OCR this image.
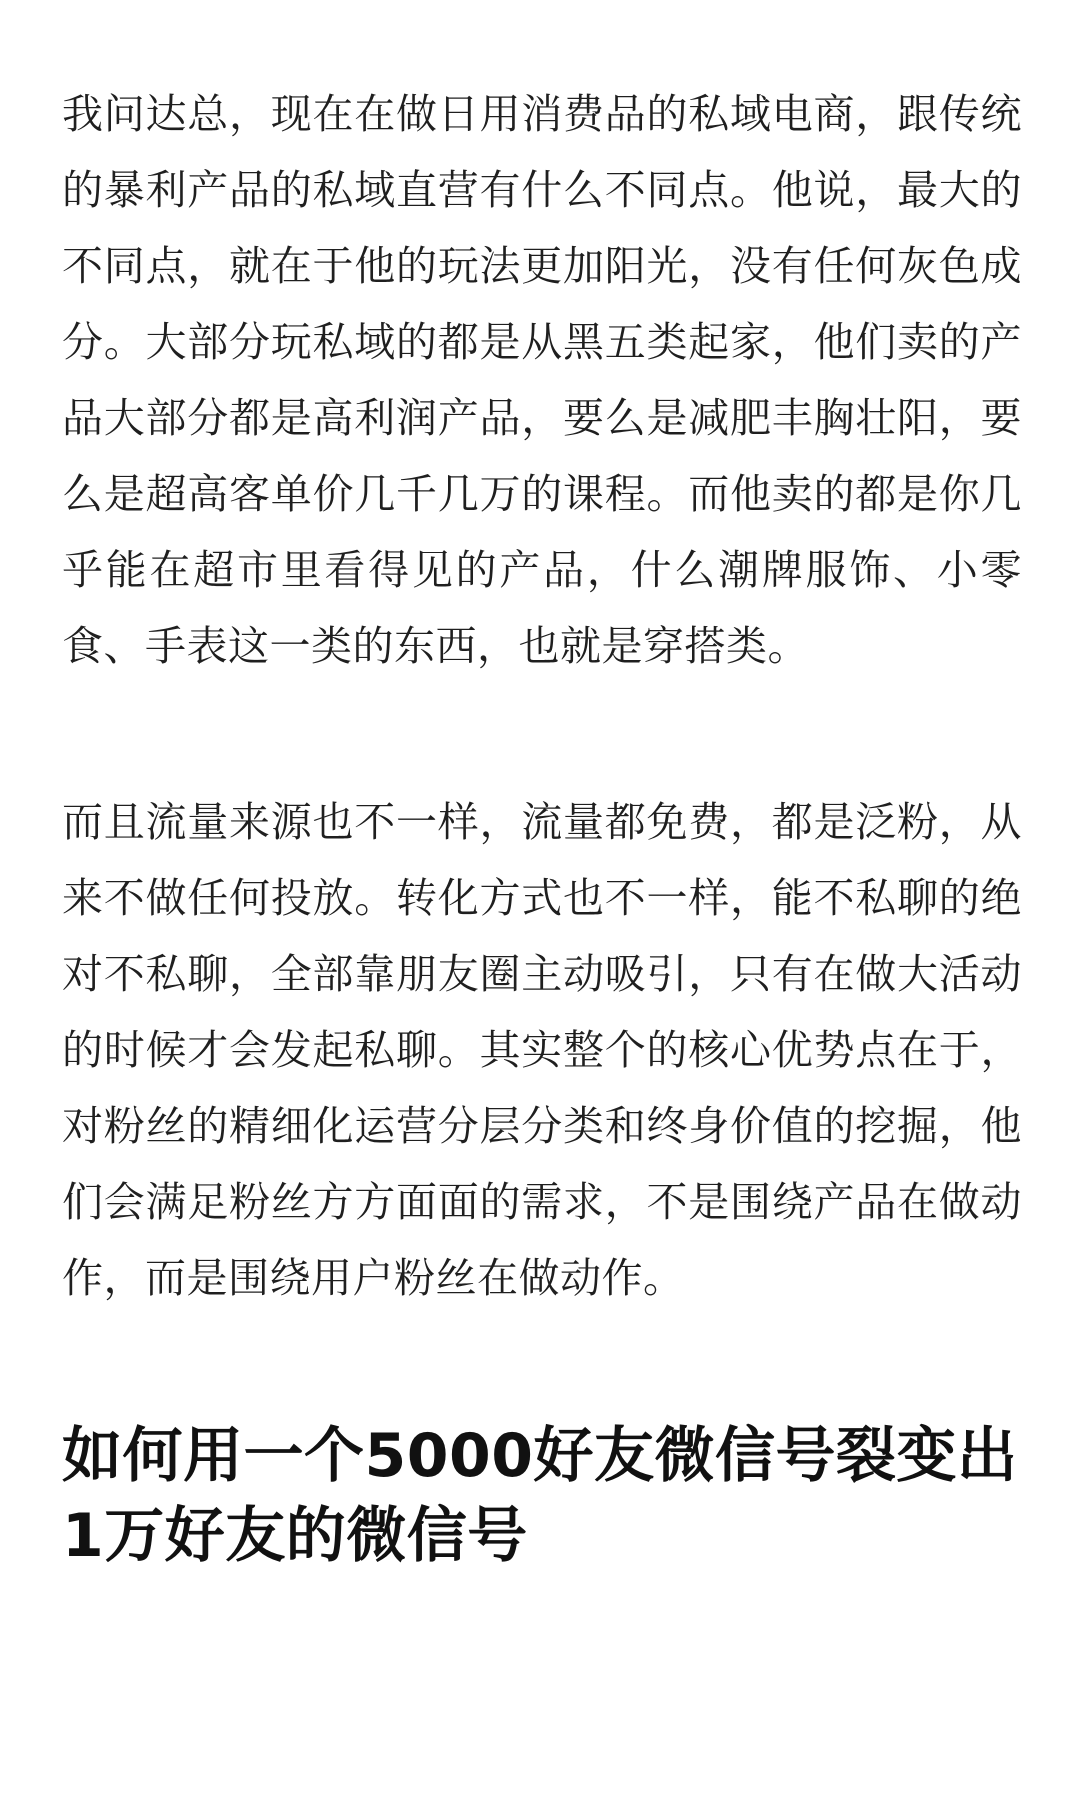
我问达总，现在在做日用消费品的私域电商，跟传统的暴利产品的私域直营有什么不同点。他说，最大的不同点，就在于他的玩法更加阳光，没有任何灰色成分。大部分玩私域的都是从黑五类起家，他们卖的产品大部分都是高利润产品，要么是减肥丰胸壮阳，要么是超高客单价几千几万的课程。而他卖的都是你几乎能在超市里看得见的产品，什么潮牌服饰、小零食、手表这一类的东西，也就是穿搭类。

而且流量来源也不一样，流量都免费，都是泛粉，从来不做任何投放。转化方式也不一样，能不私聊的绝对不私聊，全部靠朋友圈主动吸引，只有在做大活动的时候才会发起私聊。其实整个的核心优势点在于，对粉丝的精细化运营分层分类和终身价值的挖掘，他们会满足粉丝方方面面的需求，不是围绕产品在做动作，而是围绕用户粉丝在做动作。

如何用一个5000好友微信号裂变出1万好友的微信号
